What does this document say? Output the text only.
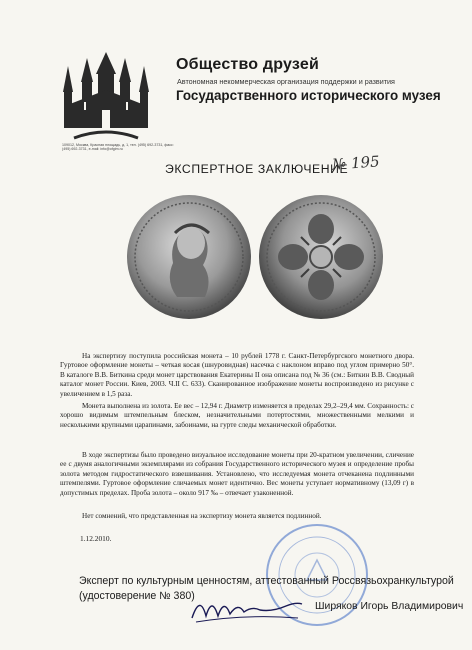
Общество друзей
Автономная некоммерческая организация поддержки и развития
Государственного исторического музея
109012, Москва, Красная площадь, д. 1, тел. (495) 692-3731, факс: (495) 692-3731, e-mail: info@ofgim.ru
ЭКСПЕРТНОЕ ЗАКЛЮЧЕНИЕ
№ 195
На экспертизу поступила российская монета – 10 рублей 1778 г. Санкт-Петербургского монетного двора. Гуртовое оформление монеты – четкая косая (шнуровидная) насечка с наклоном вправо под углом примерно 50°. В каталоге В.В. Биткина среди монет царствования Екатерины II она описана под № 36 (см.: Биткин В.В. Сводный каталог монет России. Киев, 2003. Ч.II С. 633). Сканированное изображение монеты воспроизведено из рисунке с увеличением в 1,5 раза.
Монета выполнена из золота. Ее вес – 12,94 г. Диаметр изменяется в пределах 29,2–29,4 мм. Сохранность: с хорошо видимым штемпельным блеском, незначительными потертостями, множественными мелкими и несколькими крупными царапинами, забоинами, на гурте следы механической обработки.
В ходе экспертизы было проведено визуальное исследование монеты при 20-кратном увеличении, сличение ее с двумя аналогичными экземплярами из собрания Государственного исторического музея и определение пробы золота методом гидростатического взвешивания. Установлено, что исследуемая монета отчеканена подлинными штемпелями. Гуртовое оформление сличаемых монет идентично. Вес монеты уступает нормативному (13,09 г) в допустимых пределах. Проба золота – около 917 ‰ – отвечает узаконенной.
Нет сомнений, что представленная на экспертизу монета является подлинной.
1.12.2010.
Эксперт по культурным ценностям, аттестованный Россвязьохранкультурой
(удостоверение № 380)
Ширяков Игорь Владимирович
